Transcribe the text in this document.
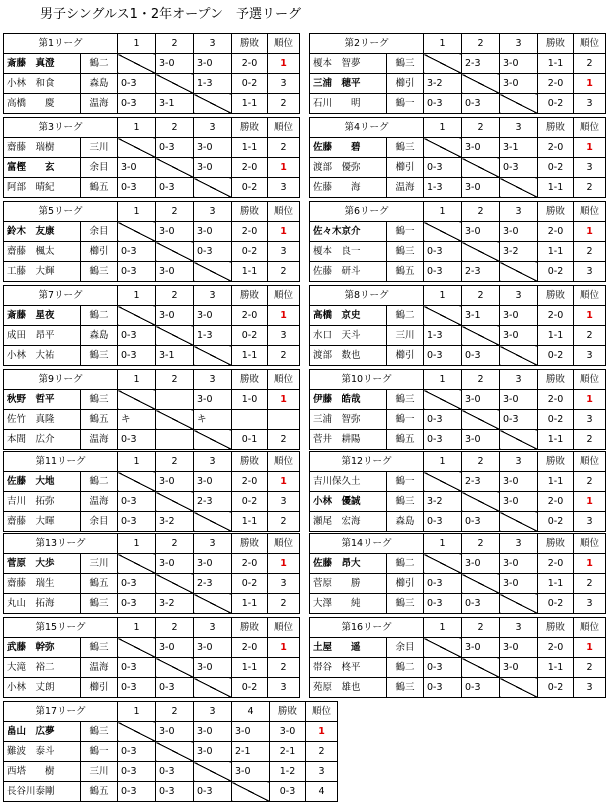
男子シングルス1・2年オープン　予選リーグ
第1リーグ		1	2	3	勝敗	順位
斎藤　真澄	鶴二		3-0	3-0	2-0	1
小林　和食	森島	0-3		1-3	0-2	3
高橋　　慶	温海	0-3	3-1		1-1	2
第2リーグ		1	2	3	勝敗	順位
榎本　智夢	鶴三		2-3	3-0	1-1	2
三浦　穂平	櫛引	3-2		3-0	2-0	1
石川　　明	鶴一	0-3	0-3		0-2	3
第3リーグ		1	2	3	勝敗	順位
齋藤　瑞樹	三川		0-3	3-0	1-1	2
富樫　　玄	余目	3-0		3-0	2-0	1
阿部　晴紀	鶴五	0-3	0-3		0-2	3
第4リーグ		1	2	3	勝敗	順位
佐藤　　碧	鶴三		3-0	3-1	2-0	1
渡部　優弥	櫛引	0-3		0-3	0-2	3
佐藤　　海	温海	1-3	3-0		1-1	2
第5リーグ		1	2	3	勝敗	順位
鈴木　友康	余目		3-0	3-0	2-0	1
齋藤　楓太	櫛引	0-3		0-3	0-2	3
工藤　大輝	鶴三	0-3	3-0		1-1	2
第6リーグ		1	2	3	勝敗	順位
佐々木京介	鶴一		3-0	3-0	2-0	1
榎本　良一	鶴三	0-3		3-2	1-1	2
佐藤　研斗	鶴五	0-3	2-3		0-2	3
第7リーグ		1	2	3	勝敗	順位
斎藤　星夜	鶴二		3-0	3-0	2-0	1
成田　昂平	森島	0-3		1-3	0-2	3
小林　大祐	鶴三	0-3	3-1		1-1	2
第8リーグ		1	2	3	勝敗	順位
高橋　京史	鶴二		3-1	3-0	2-0	1
水口　天斗	三川	1-3		3-0	1-1	2
渡部　数也	櫛引	0-3	0-3		0-2	3
第9リーグ		1	2	3	勝敗	順位
秋野　哲平	鶴三			3-0	1-0	1
佐竹　真隆	鶴五	キ		キ		
本間　広介	温海	0-3			0-1	2
第10リーグ		1	2	3	勝敗	順位
伊藤　皓哉	鶴三		3-0	3-0	2-0	1
三浦　智弥	鶴一	0-3		0-3	0-2	3
菅井　耕陽	鶴五	0-3	3-0		1-1	2
第11リーグ		1	2	3	勝敗	順位
佐藤　大地	鶴二		3-0	3-0	2-0	1
吉川　拓弥	温海	0-3		2-3	0-2	3
齋藤　大暉	余目	0-3	3-2		1-1	2
第12リーグ		1	2	3	勝敗	順位
吉川保久土	鶴一		2-3	3-0	1-1	2
小林　優誠	鶴三	3-2		3-0	2-0	1
瀬尾　宏海	森島	0-3	0-3		0-2	3
第13リーグ		1	2	3	勝敗	順位
菅原　大歩	三川		3-0	3-0	2-0	1
齋藤　瑞生	鶴五	0-3		2-3	0-2	3
丸山　拓海	鶴三	0-3	3-2		1-1	2
第14リーグ		1	2	3	勝敗	順位
佐藤　昂大	鶴二		3-0	3-0	2-0	1
菅原　　勝	櫛引	0-3		3-0	1-1	2
大澤　　純	鶴三	0-3	0-3		0-2	3
第15リーグ		1	2	3	勝敗	順位
武藤　幹弥	鶴三		3-0	3-0	2-0	1
大滝　裕二	温海	0-3		3-0	1-1	2
小林　丈朗	櫛引	0-3	0-3		0-2	3
第16リーグ		1	2	3	勝敗	順位
土屋　　遥	余目		3-0	3-0	2-0	1
帯谷　柊平	鶴二	0-3		3-0	1-1	2
苑原　雄也	鶴三	0-3	0-3		0-2	3
第17リーグ		1	2	3	4	勝敗	順位
畠山　広夢	鶴三		3-0	3-0	3-0	3-0	1
難波　泰斗	鶴一	0-3		3-0	2-1	2-1	2
西塔　　樹	三川	0-3	0-3		3-0	1-2	3
長谷川泰剛	鶴五	0-3	0-3	0-3		0-3	4
